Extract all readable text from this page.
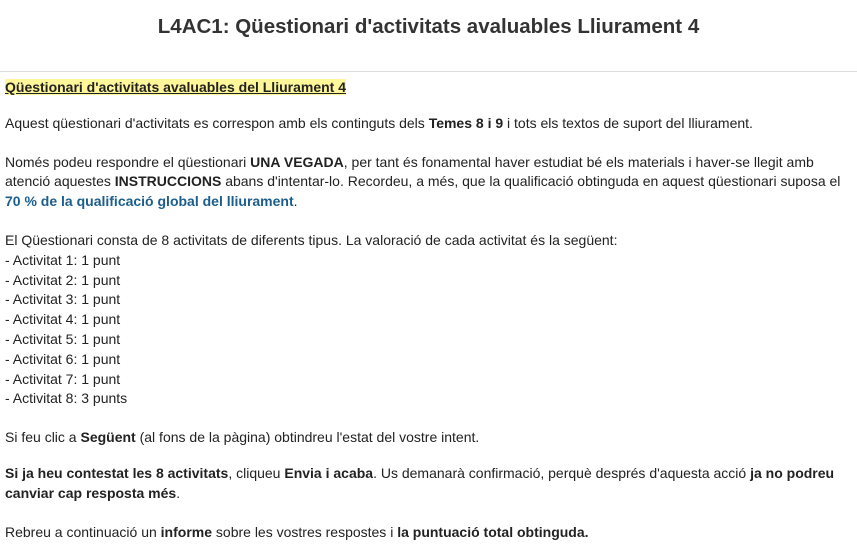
L4AC1: Qüestionari d'activitats avaluables Lliurament 4

Qüestionari d'activitats avaluables del Lliurament 4

Aquest qüestionari d'activitats es correspon amb els continguts dels Temes 8 i 9 i tots els textos de suport del lliurament.

Només podeu respondre el qüestionari UNA VEGADA, per tant és fonamental haver estudiat bé els materials i haver-se llegit amb atenció aquestes INSTRUCCIONS abans d'intentar-lo. Recordeu, a més, que la qualificació obtinguda en aquest qüestionari suposa el 70 % de la qualificació global del lliurament.

El Qüestionari consta de 8 activitats de diferents tipus. La valoració de cada activitat és la següent:

- Activitat 1: 1 punt
- Activitat 2: 1 punt
- Activitat 3: 1 punt
- Activitat 4: 1 punt
- Activitat 5: 1 punt
- Activitat 6: 1 punt
- Activitat 7: 1 punt
- Activitat 8: 3 punts

Si feu clic a Següent (al fons de la pàgina) obtindreu l'estat del vostre intent.

Si ja heu contestat les 8 activitats, cliqueu Envia i acaba. Us demanarà confirmació, perquè després d'aquesta acció ja no podreu canviar cap resposta més.

Rebreu a continuació un informe sobre les vostres respostes i la puntuació total obtinguda.
